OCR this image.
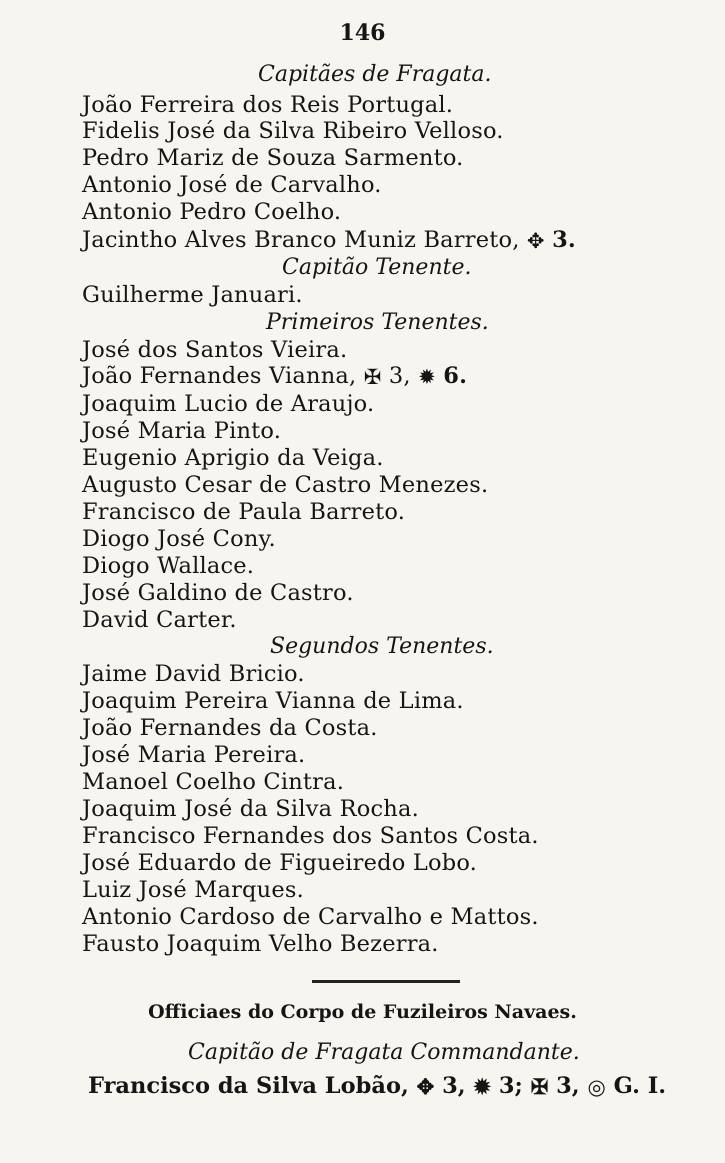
146
Capitães de Fragata.
João Ferreira dos Reis Portugal.
Fidelis José da Silva Ribeiro Velloso.
Pedro Mariz de Souza Sarmento.
Antonio José de Carvalho.
Antonio Pedro Coelho.
Jacintho Alves Branco Muniz Barreto, ✥ 3.
Capitão Tenente.
Guilherme Januari.
Primeiros Tenentes.
José dos Santos Vieira.
João Fernandes Vianna, ✠ 3, ✹ 6.
Joaquim Lucio de Araujo.
José Maria Pinto.
Eugenio Aprigio da Veiga.
Augusto Cesar de Castro Menezes.
Francisco de Paula Barreto.
Diogo José Cony.
Diogo Wallace.
José Galdino de Castro.
David Carter.
Segundos Tenentes.
Jaime David Bricio.
Joaquim Pereira Vianna de Lima.
João Fernandes da Costa.
José Maria Pereira.
Manoel Coelho Cintra.
Joaquim José da Silva Rocha.
Francisco Fernandes dos Santos Costa.
José Eduardo de Figueiredo Lobo.
Luiz José Marques.
Antonio Cardoso de Carvalho e Mattos.
Fausto Joaquim Velho Bezerra.
Officiaes do Corpo de Fuzileiros Navaes.
Capitão de Fragata Commandante.
Francisco da Silva Lobão, ✥ 3, ✹ 3; ✠ 3, ◎ G. I.
